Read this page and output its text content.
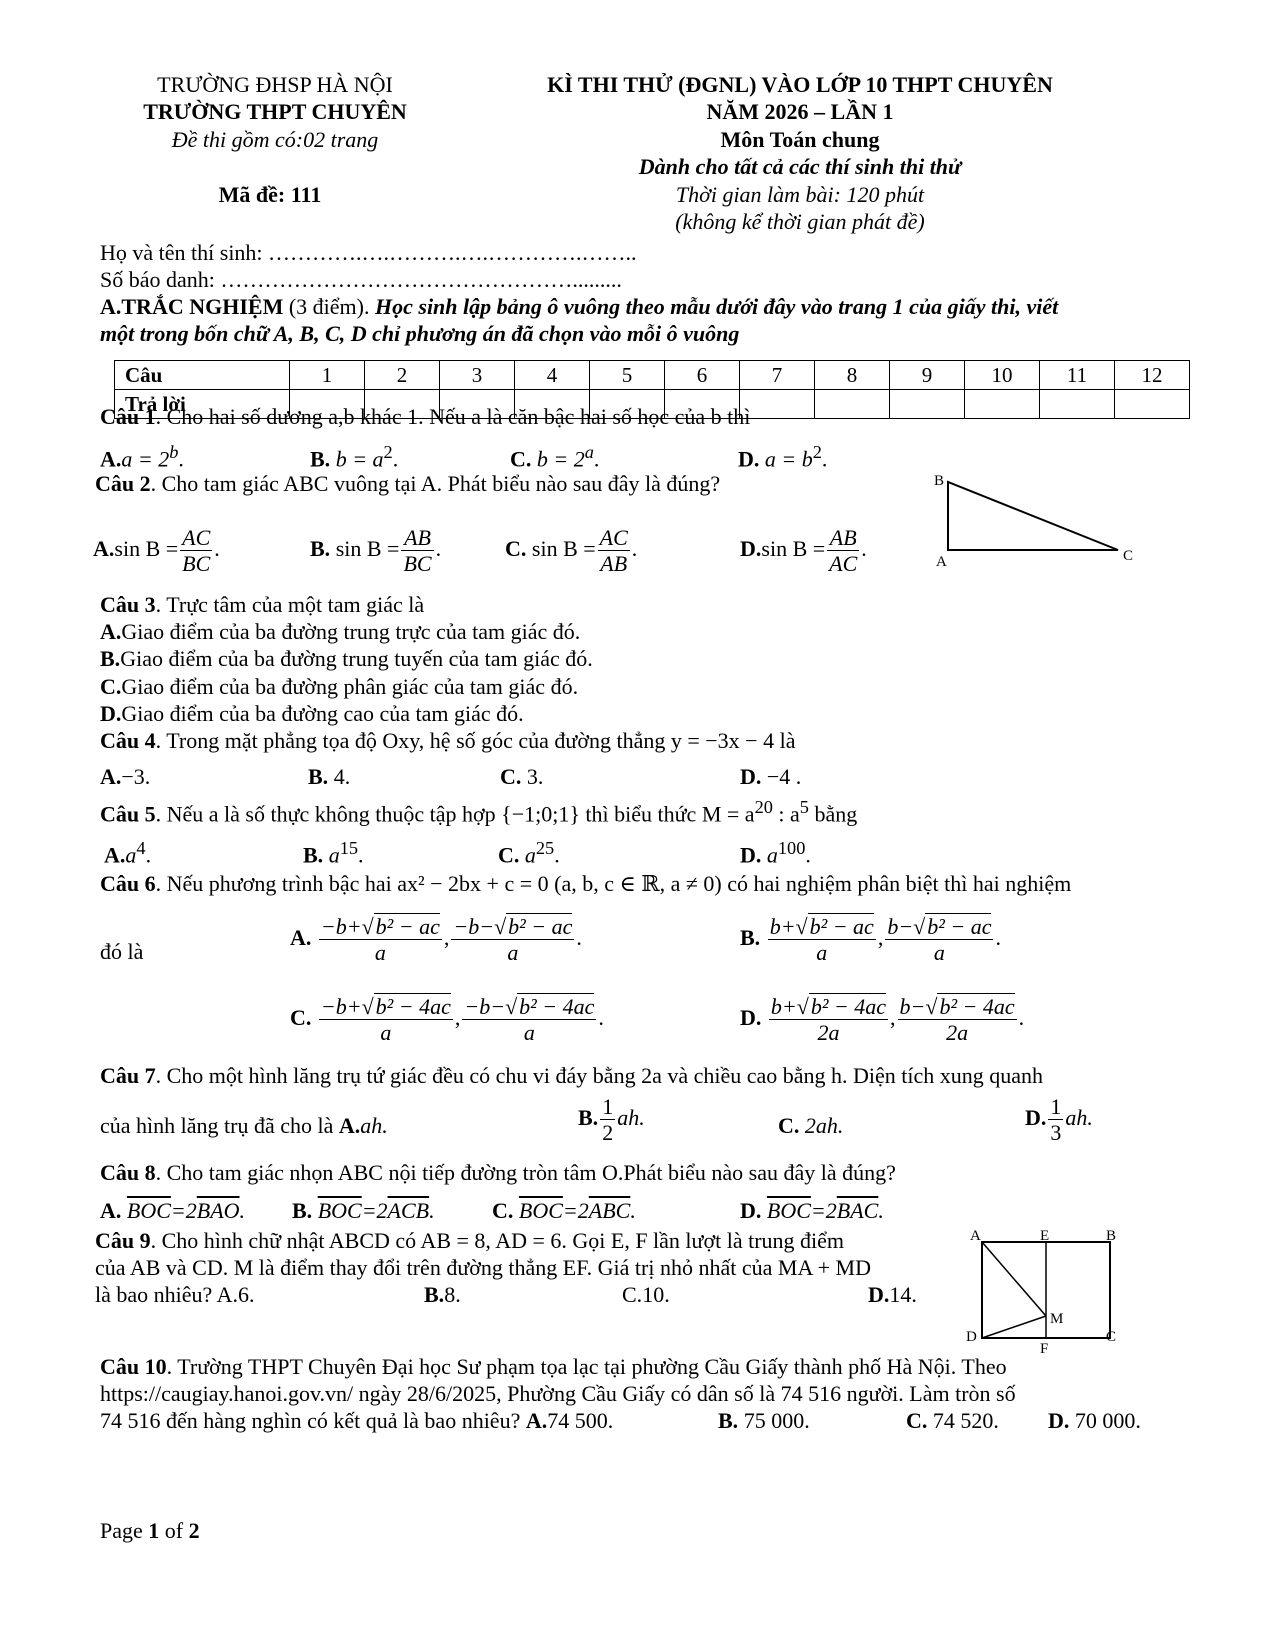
TRƯỜNG ĐHSP HÀ NỘI
TRƯỜNG THPT CHUYÊN
Đề thi gồm có:02 trang
Mã đề: 111
KÌ THI THỬ (ĐGNL) VÀO LỚP 10 THPT CHUYÊN
NĂM 2026 – LẦN 1
Môn Toán chung
Dành cho tất cả các thí sinh thi thử
Thời gian làm bài: 120 phút
(không kể thời gian phát đề)
Họ và tên thí sinh: ………….….……….….………….……..
Số báo danh: ………………………………………….........
A.TRẮC NGHIỆM (3 điểm). Học sinh lập bảng ô vuông theo mẫu dưới đây vào trang 1 của giấy thi, viết
một trong bốn chữ A, B, C, D chỉ phương án đã chọn vào mỗi ô vuông
Câu	1	2	3	4	5	6	7	8	9	10	11	12
Trả lời												
Câu 1. Cho hai số dương a,b khác 1. Nếu a là căn bậc hai số học của b thì
$A.a = 2^b$.	B. $b = a^2$.	C. $b = 2^a$.	D. $a = b^2$.
Câu 2. Cho tam giác ABC vuông tại A. Phát biểu nào sau đây là đúng?
A.sin $B = \frac{AC}{BC}$ .	B. $\sin B = \frac{AB}{BC}$ .	C. $\sin B = \frac{AC}{AB}$ .	D.sin $B = \frac{AB}{AC}$ .
B
A	C
Câu 3. Trực tâm của một tam giác là
A.Giao điểm của ba đường trung trực của tam giác đó.
B.Giao điểm của ba đường trung tuyến của tam giác đó.
C.Giao điểm của ba đường phân giác của tam giác đó.
D.Giao điểm của ba đường cao của tam giác đó.
Câu 4. Trong mặt phẳng tọa độ Oxy, hệ số góc của đường thẳng y = −3x − 4 là
A.−3.	B. 4.	C. 3.	D. −4 .
Câu 5. Nếu a là số thực không thuộc tập hợp {−1;0;1} thì biểu thức $M = a^{20}$ : $a^5$ bằng
$A.a^4$.	B. $a^{15}$.	C. $a^{25}$.	D. $a^{100}$.
Câu 6. Nếu phương trình bậc hai ax² − 2bx + c = 0 (a, b, c ∈ ℝ, a ≠ 0) có hai nghiệm phân biệt thì hai nghiệm
đó là
A. $\frac{\text{−b+√b² − ac}}{a}$ , $\frac{\text{−b−√b² − ac}}{a}$ .	B. $\frac{\text{b+√b² − ac}}{a}$ , $\frac{\text{b−√b² − ac}}{a}$ .
C. $\frac{\text{−b+√b² − 4ac}}{a}$ , $\frac{\text{−b−√b² − 4ac}}{a}$ .	D. $\frac{\text{b+√b² − 4ac}}{2a}$ , $\frac{\text{b−√b² − 4ac}}{2a}$ .
Câu 7. Cho một hình lăng trụ tứ giác đều có chu vi đáy bằng 2a và chiều cao bằng h. Diện tích xung quanh
của hình lăng trụ đã cho là A.ah.	B. $\frac{1}{2}$ ah.	C. 2ah.	D. $\frac{1}{3}$ ah.
Câu 8. Cho tam giác nhọn ABC nội tiếp đường tròn tâm O.Phát biểu nào sau đây là đúng?
A. $\overline{BOC}=2\overline{BAO}$. B. $\overline{BOC}=2\overline{ACB}$.	C. $\overline{BOC}=2\overline{ABC}$.	D. $\overline{BOC}=2\overline{BAC}$.
Câu 9. Cho hình chữ nhật ABCD có AB = 8, AD = 6. Gọi E, F lần lượt là trung điểm
của AB và CD. M là điểm thay đổi trên đường thẳng EF. Giá trị nhỏ nhất của MA + MD
là bao nhiêu? A.6.	B.8.	C.10.	D.14.
A	E	B
M
D
F
C
Câu 10. Trường THPT Chuyên Đại học Sư phạm tọa lạc tại phường Cầu Giấy thành phố Hà Nội. Theo
https://caugiay.hanoi.gov.vn/ ngày 28/6/2025, Phường Cầu Giấy có dân số là 74 516 người. Làm tròn số
74 516 đến hàng nghìn có kết quả là bao nhiêu? A.74 500.	B. 75 000.	C. 74 520. D. 70 000.
Page 1 of 2
